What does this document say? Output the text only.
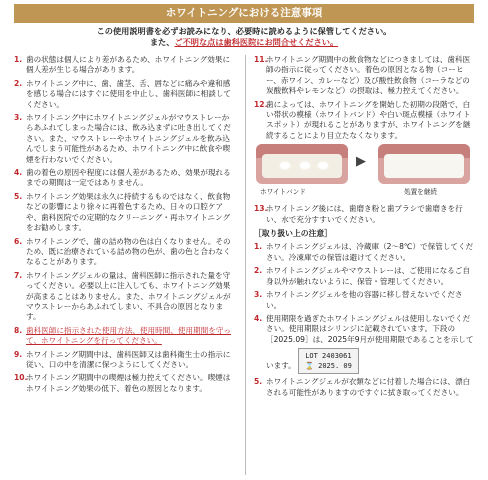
ホワイトニングにおける注意事項
この使用説明書を必ずお読みになり、必要時に読めるように保管してください。
また、ご不明な点は歯科医院にお問合せください。
1. 歯の状態は個人により差があるため、ホワイトニング効果に個人差が生じる場合があります。
2. ホワイトニング中に、歯、歯茎、舌、唇などに痛みや違和感を感じる場合にはすぐに使用を中止し、歯科医師に相談してください。
3. ホワイトニング中にホワイトニングジェルがマウストレーからあふれてしまった場合には、飲み込まずに吐き出してください。また、マウストレーやホワイトニングジェルを飲み込んでしまう可能性があるため、ホワイトニング中に飲食や喫煙を行わないでください。
4. 歯の着色の原因や程度には個人差があるため、効果が現れるまでの期間は一定ではありません。
5. ホワイトニング効果は永久に持続するものではなく、飲食物などの影響により徐々に再着色するため、日々の口腔ケアや、歯科医院での定期的なクリーニング・再ホワイトニングをお勧めします。
6. ホワイトニングで、歯の詰め物の色は白くなりません。そのため、既に治療されている詰め物の色が、歯の色と合わなくなることがあります。
7. ホワイトニングジェルの量は、歯科医師に指示された量を守ってください。必要以上に注入しても、ホワイトニング効果が高まることはありません。また、ホワイトニングジェルがマウストレーからあふれてしまい、不具合の原因となります。
8. 歯科医師に指示された使用方法、使用時間、使用期間を守って、ホワイトニングを行ってください。
9. ホワイトニング期間中は、歯科医師又は歯科衛生士の指示に従い、口の中を清潔に保つようにしてください。
10.
ホワイトニング期間中の喫煙は極力控えてください。喫煙はホワイトニング効果の低下、着色の原因となります。
11.
ホワイトニング期間中の飲食物などにつきましては、歯科医師の指示に従ってください。着色の原因となる物（コーヒー、赤ワイン、カレーなど）及び酸性飲食物（コーラなどの炭酸飲料やレモンなど）の摂取は、極力控えてください。
12.
歯によっては、ホワイトニングを開始した初期の段階で、白い帯状の模様（ホワイトバンド）や白い斑点模様（ホワイトスポット）が現れることがありますが、ホワイトニングを継続することにより目立たなくなります。
▶
ホワイトバンド	処置を継続
13.
ホワイトニング後には、歯磨き粉と歯ブラシで歯磨きを行い、水で充分すすいでください。
［取り扱い上の注意］
1. ホワイトニングジェルは、冷蔵庫（2〜8℃）で保管してください。冷凍庫での保管は避けてください。
2. ホワイトニングジェルやマウストレーは、ご使用になるご自身以外が触れないように、保管・管理してください。
3. ホワイトニングジェルを他の容器に移し替えないでください。
4. 使用期限を過ぎたホワイトニングジェルは使用しないでください。使用期限はシリンジに記載されています。下段の［2025.09］は、2025年9月が使用期限であることを示しています。
LOT 2403061
⌛ 2025. 09
5. ホワイトニングジェルが衣類などに付着した場合には、漂白される可能性がありますのですぐに拭き取ってください。
